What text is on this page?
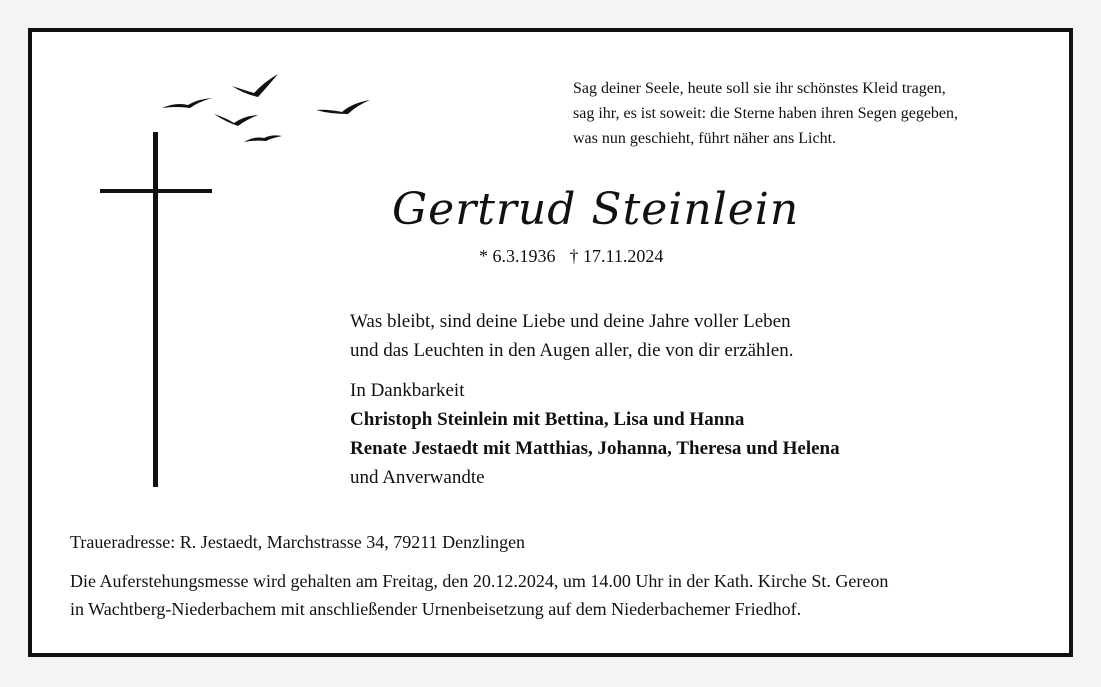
Sag deiner Seele, heute soll sie ihr schönstes Kleid tragen,
sag ihr, es ist soweit: die Sterne haben ihren Segen gegeben,
was nun geschieht, führt näher ans Licht.
Gertrud Steinlein
* 6.3.1936 † 17.11.2024
Was bleibt, sind deine Liebe und deine Jahre voller Leben
und das Leuchten in den Augen aller, die von dir erzählen.
In Dankbarkeit
Christoph Steinlein mit Bettina, Lisa und Hanna
Renate Jestaedt mit Matthias, Johanna, Theresa und Helena
und Anverwandte
Traueradresse: R. Jestaedt, Marchstrasse 34, 79211 Denzlingen
Die Auferstehungsmesse wird gehalten am Freitag, den 20.12.2024, um 14.00 Uhr in der Kath. Kirche St. Gereon
in Wachtberg-Niederbachem mit anschließender Urnenbeisetzung auf dem Niederbachemer Friedhof.
